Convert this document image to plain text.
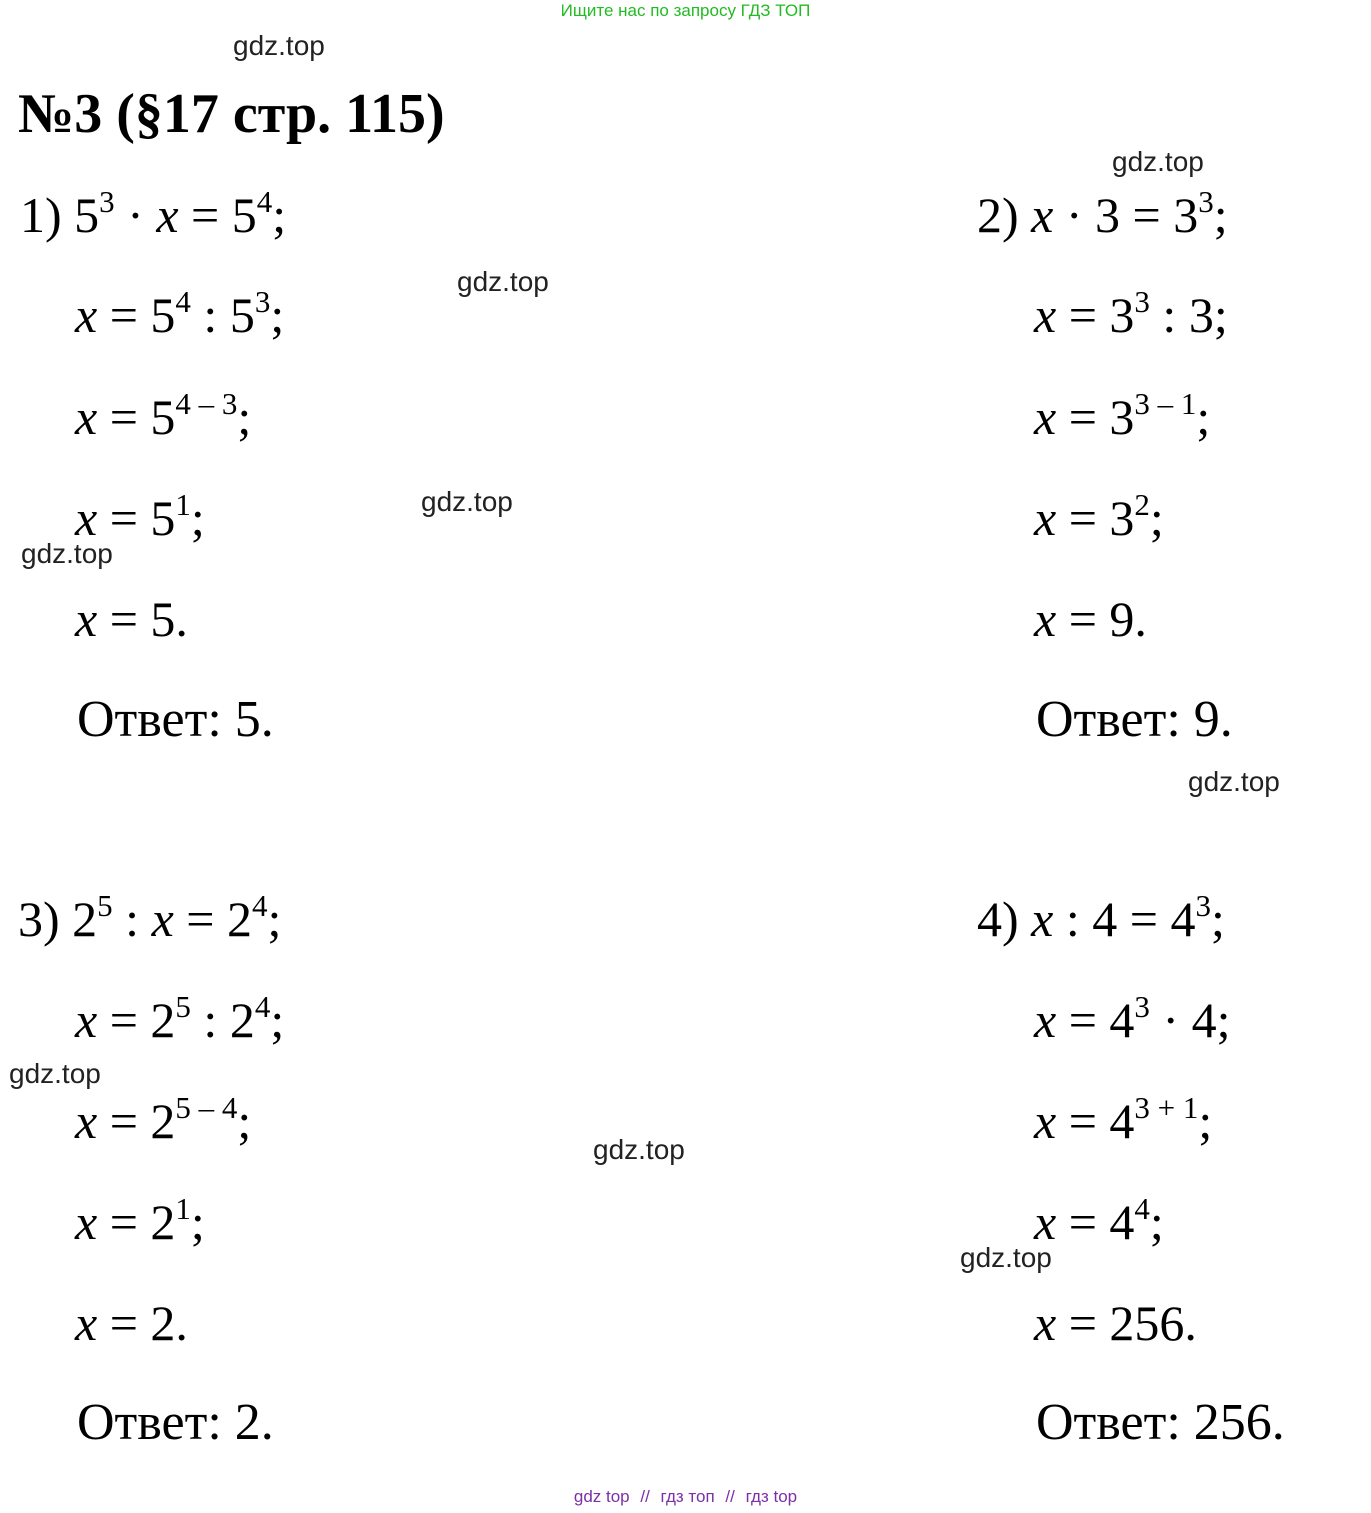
Ищите нас по запросу ГДЗ ТОП
gdz.top
gdz.top
gdz.top
gdz.top
gdz.top
gdz.top
gdz.top
gdz.top
gdz.top
№3 (§17 стр. 115)
1) $5^3 \cdot x = 5^4$;
$x = 5^4$ : $5^3$;
$x = 5^{4 - 3}$;
$x = 5^1$;
x = 5.
Ответ: 5.
2) $x \cdot 3 = 3^3$;
$x = 3^3$ : 3;
$x = 3^{3 - 1}$;
$x = 3^2$;
x = 9.
Ответ: 9.
3) $2^5$ : $x = 2^4$;
$x = 2^5$ : $2^4$;
$x = 2^{5 - 4}$;
$x = 2^1$;
x = 2.
Ответ: 2.
4) x : $4 = 4^3$;
$x = 4^3 \cdot 4$;
$x = 4^{3 + 1}$;
$x = 4^4$;
x = 256.
Ответ: 256.
gdz top // гдз топ // гдз top
